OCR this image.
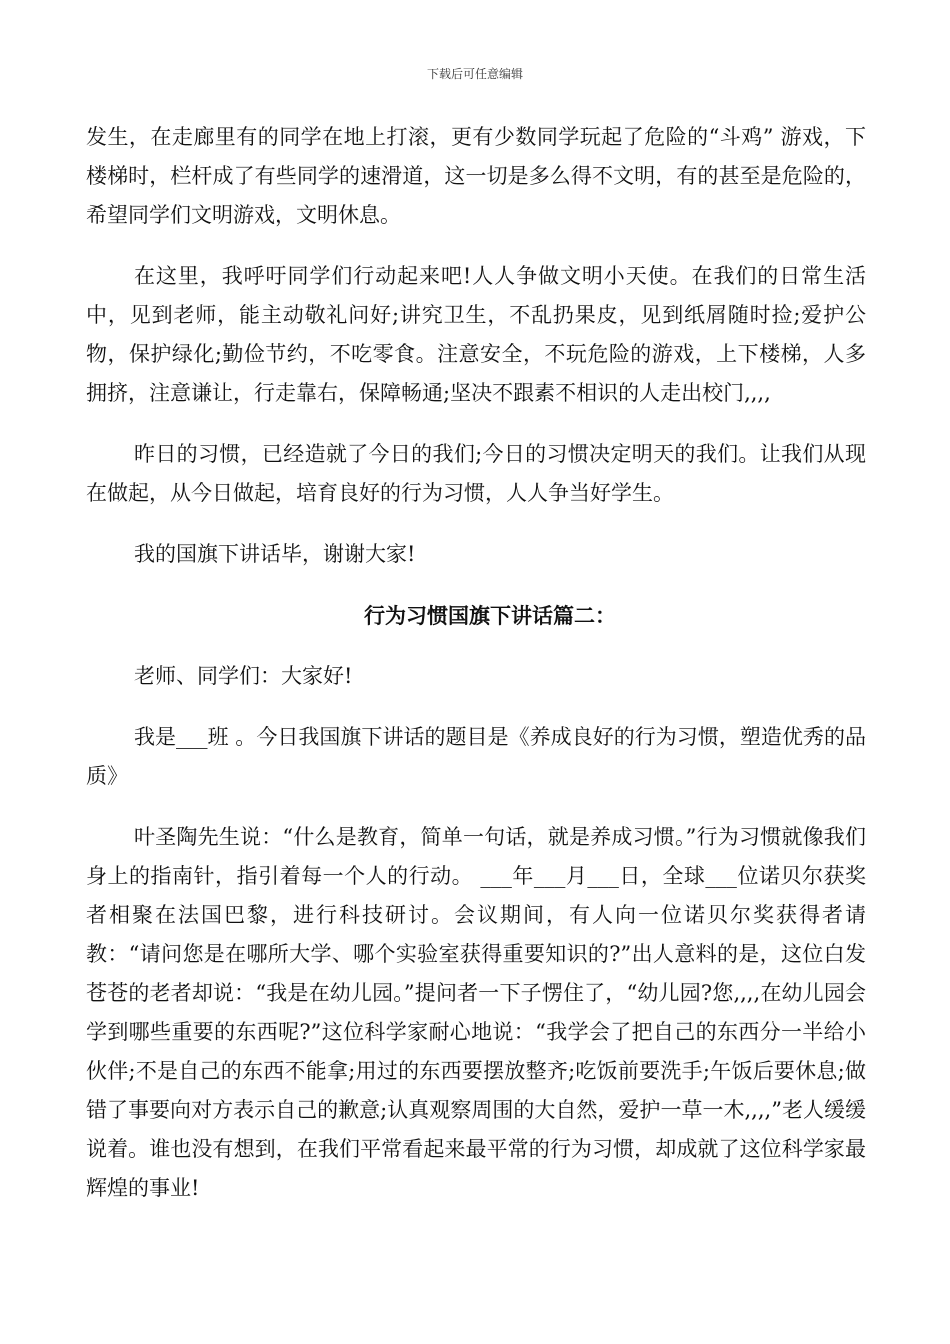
下载后可任意编辑

发生，在走廊里有的同学在地上打滚，更有少数同学玩起了危险的“斗鸡” 游戏，下楼梯时，栏杆成了有些同学的速滑道，这一切是多么得不文明，有的甚至是危险的，希望同学们文明游戏，文明休息。

在这里，我呼吁同学们行动起来吧!人人争做文明小天使。在我们的日常生活中，见到老师，能主动敬礼问好;讲究卫生，不乱扔果皮，见到纸屑随时捡;爱护公物，保护绿化;勤俭节约，不吃零食。注意安全，不玩危险的游戏，上下楼梯，人多拥挤，注意谦让，行走靠右，保障畅通;坚决不跟素不相识的人走出校门,,,,

昨日的习惯，已经造就了今日的我们;今日的习惯决定明天的我们。让我们从现在做起，从今日做起，培育良好的行为习惯，人人争当好学生。

我的国旗下讲话毕，谢谢大家!

行为习惯国旗下讲话篇二：

老师、同学们：大家好!

我是___班 。今日我国旗下讲话的题目是《养成良好的行为习惯，塑造优秀的品质》

叶圣陶先生说：“什么是教育，简单一句话，就是养成习惯。”行为习惯就像我们身上的指南针，指引着每一个人的行动。 ___年___月___日，全球___位诺贝尔获奖者相聚在法国巴黎，进行科技研讨。会议期间，有人向一位诺贝尔奖获得者请教：“请问您是在哪所大学、哪个实验室获得重要知识的?”出人意料的是，这位白发苍苍的老者却说：“我是在幼儿园。”提问者一下子愣住了，“幼儿园?您,,,,在幼儿园会学到哪些重要的东西呢?”这位科学家耐心地说：“我学会了把自己的东西分一半给小伙伴;不是自己的东西不能拿;用过的东西要摆放整齐;吃饭前要洗手;午饭后要休息;做错了事要向对方表示自己的歉意;认真观察周围的大自然，爱护一草一木,,,,”老人缓缓说着。谁也没有想到，在我们平常看起来最平常的行为习惯，却成就了这位科学家最辉煌的事业!
